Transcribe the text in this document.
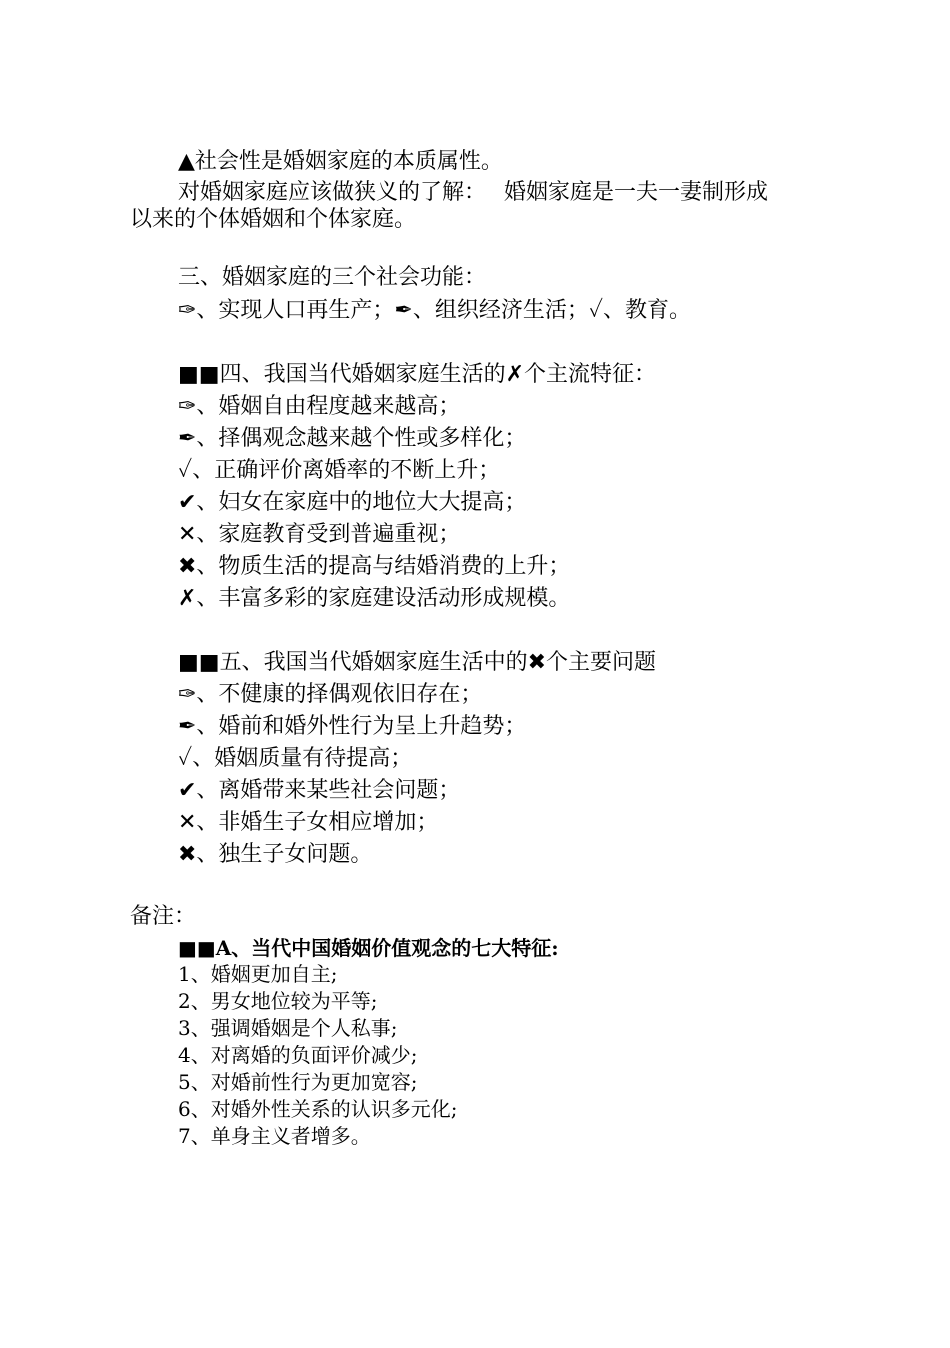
▲社会性是婚姻家庭的本质属性。
对婚姻家庭应该做狭义的了解： 婚姻家庭是一夫一妻制形成
以来的个体婚姻和个体家庭。
三、婚姻家庭的三个社会功能：
✑、实现人口再生产；✒、组织经济生活；✓、教育。
■■四、我国当代婚姻家庭生活的✗个主流特征：
✑、婚姻自由程度越来越高；
✒、择偶观念越来越个性或多样化；
✓、正确评价离婚率的不断上升；
✔、妇女在家庭中的地位大大提高；
✕、家庭教育受到普遍重视；
✖、物质生活的提高与结婚消费的上升；
✗、丰富多彩的家庭建设活动形成规模。
■■五、我国当代婚姻家庭生活中的✖个主要问题
✑、不健康的择偶观依旧存在；
✒、婚前和婚外性行为呈上升趋势；
✓、婚姻质量有待提高；
✔、离婚带来某些社会问题；
✕、非婚生子女相应增加；
✖、独生子女问题。
备注：
■■A、当代中国婚姻价值观念的七大特征:
1、婚姻更加自主;
2、男女地位较为平等;
3、强调婚姻是个人私事;
4、对离婚的负面评价减少;
5、对婚前性行为更加宽容;
6、对婚外性关系的认识多元化;
7、单身主义者增多。
